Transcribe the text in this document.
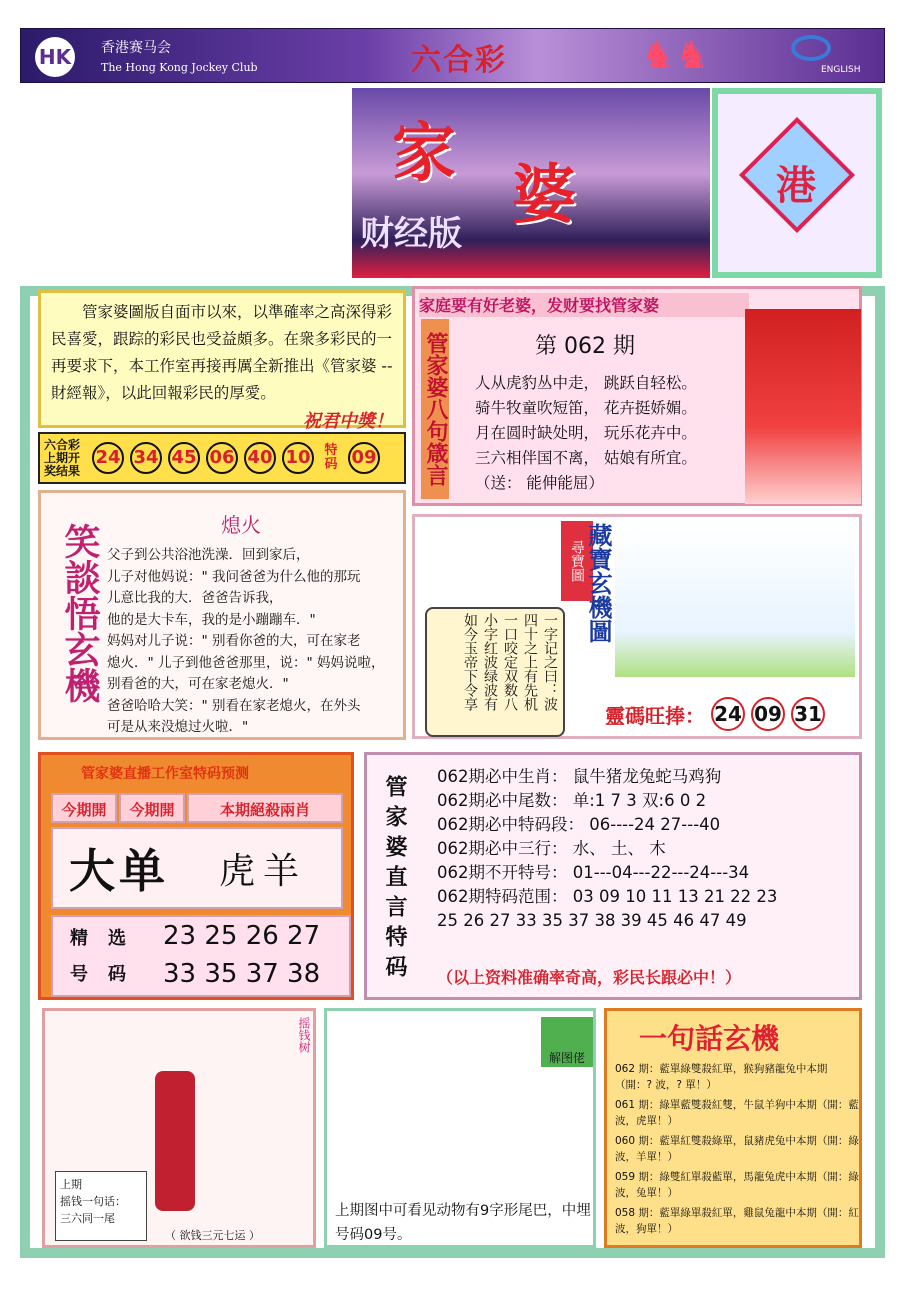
HK 香港赛马会
The Hong Kong Jockey Club	六合彩	♞♞	ENGLISH
家
婆
财经版
港

管家婆圖版自面市以來，以準確率之高深得彩民喜愛，跟踪的彩民也受益頗多。在衆多彩民的一再要求下，本工作室再接再厲全新推出《管家婆 -- 財經報》，以此回報彩民的厚愛。

祝君中獎！
六合彩上期开奖结果
24 34 45 06 40 10	特码 09
家庭要有好老婆，发财要找管家婆
管家婆八句箴言	第 062 期
人从虎豹丛中走， 跳跃自轻松。
骑牛牧童吹短笛， 花卉挺娇媚。
月在圆时缺处明， 玩乐花卉中。
三六相伴国不离， 姑娘有所宜。
（送： 能伸能屈）
笑談悟玄機	熄火
父子到公共浴池洗澡．回到家后，
儿子对他妈说：" 我问爸爸为什么他的那玩
儿意比我的大．爸爸告诉我，
他的是大卡车，我的是小蹦蹦车．"
妈妈对儿子说：" 别看你爸的大，可在家老
熄火．" 儿子到他爸爸那里，说：" 妈妈说啦，
别看爸的大，可在家老熄火．"
爸爸哈哈大笑：" 别看在家老熄火，在外头
可是从来没熄过火啦．"
一字记之曰：波
四十之上有先机
一口咬定双数八
小字红波绿波有
如今玉帝下令享
尋寶圖 藏寶玄機圖
靈碼旺捧： 24 09 31
管家婆直播工作室特码预测
今期開	今期開	本期絕殺兩肖
大单	虎羊
精选号码
23 25 26 27
33 35 37 38	管家婆直言特码 062期必中生肖： 鼠牛猪龙兔蛇马鸡狗
062期必中尾数： 单:1 7 3 双:6 0 2
062期必中特码段： 06----24 27---40
062期必中三行： 水、 土、 木
062期不开特号： 01---04---22---24---34
062期特码范围： 03 09 10 11 13 21 22 23
25 26 27 33 35 37 38 39 45 46 47 49
（以上资料准确率奇高，彩民长跟必中！）
摇钱树
上期
摇钱一句话：
三六同一尾
（ 欲钱三元七运 ）
解图佬
上期图中可看见动物有9字形尾巴，中埋号码09号。
一句話玄機
062 期：藍單綠雙殺紅單，猴狗豬龍兔中本期（開：? 波，? 單！）
061 期：綠單藍雙殺紅雙，牛鼠羊狗中本期（開：藍波，虎單！）
060 期：藍單紅雙殺綠單，鼠豬虎兔中本期（開：綠波，羊單！）
059 期：綠雙紅單殺藍單，馬龍兔虎中本期（開：綠波，兔單！）
058 期：藍單綠單殺紅單，雞鼠兔龍中本期（開：紅波，狗單！）
